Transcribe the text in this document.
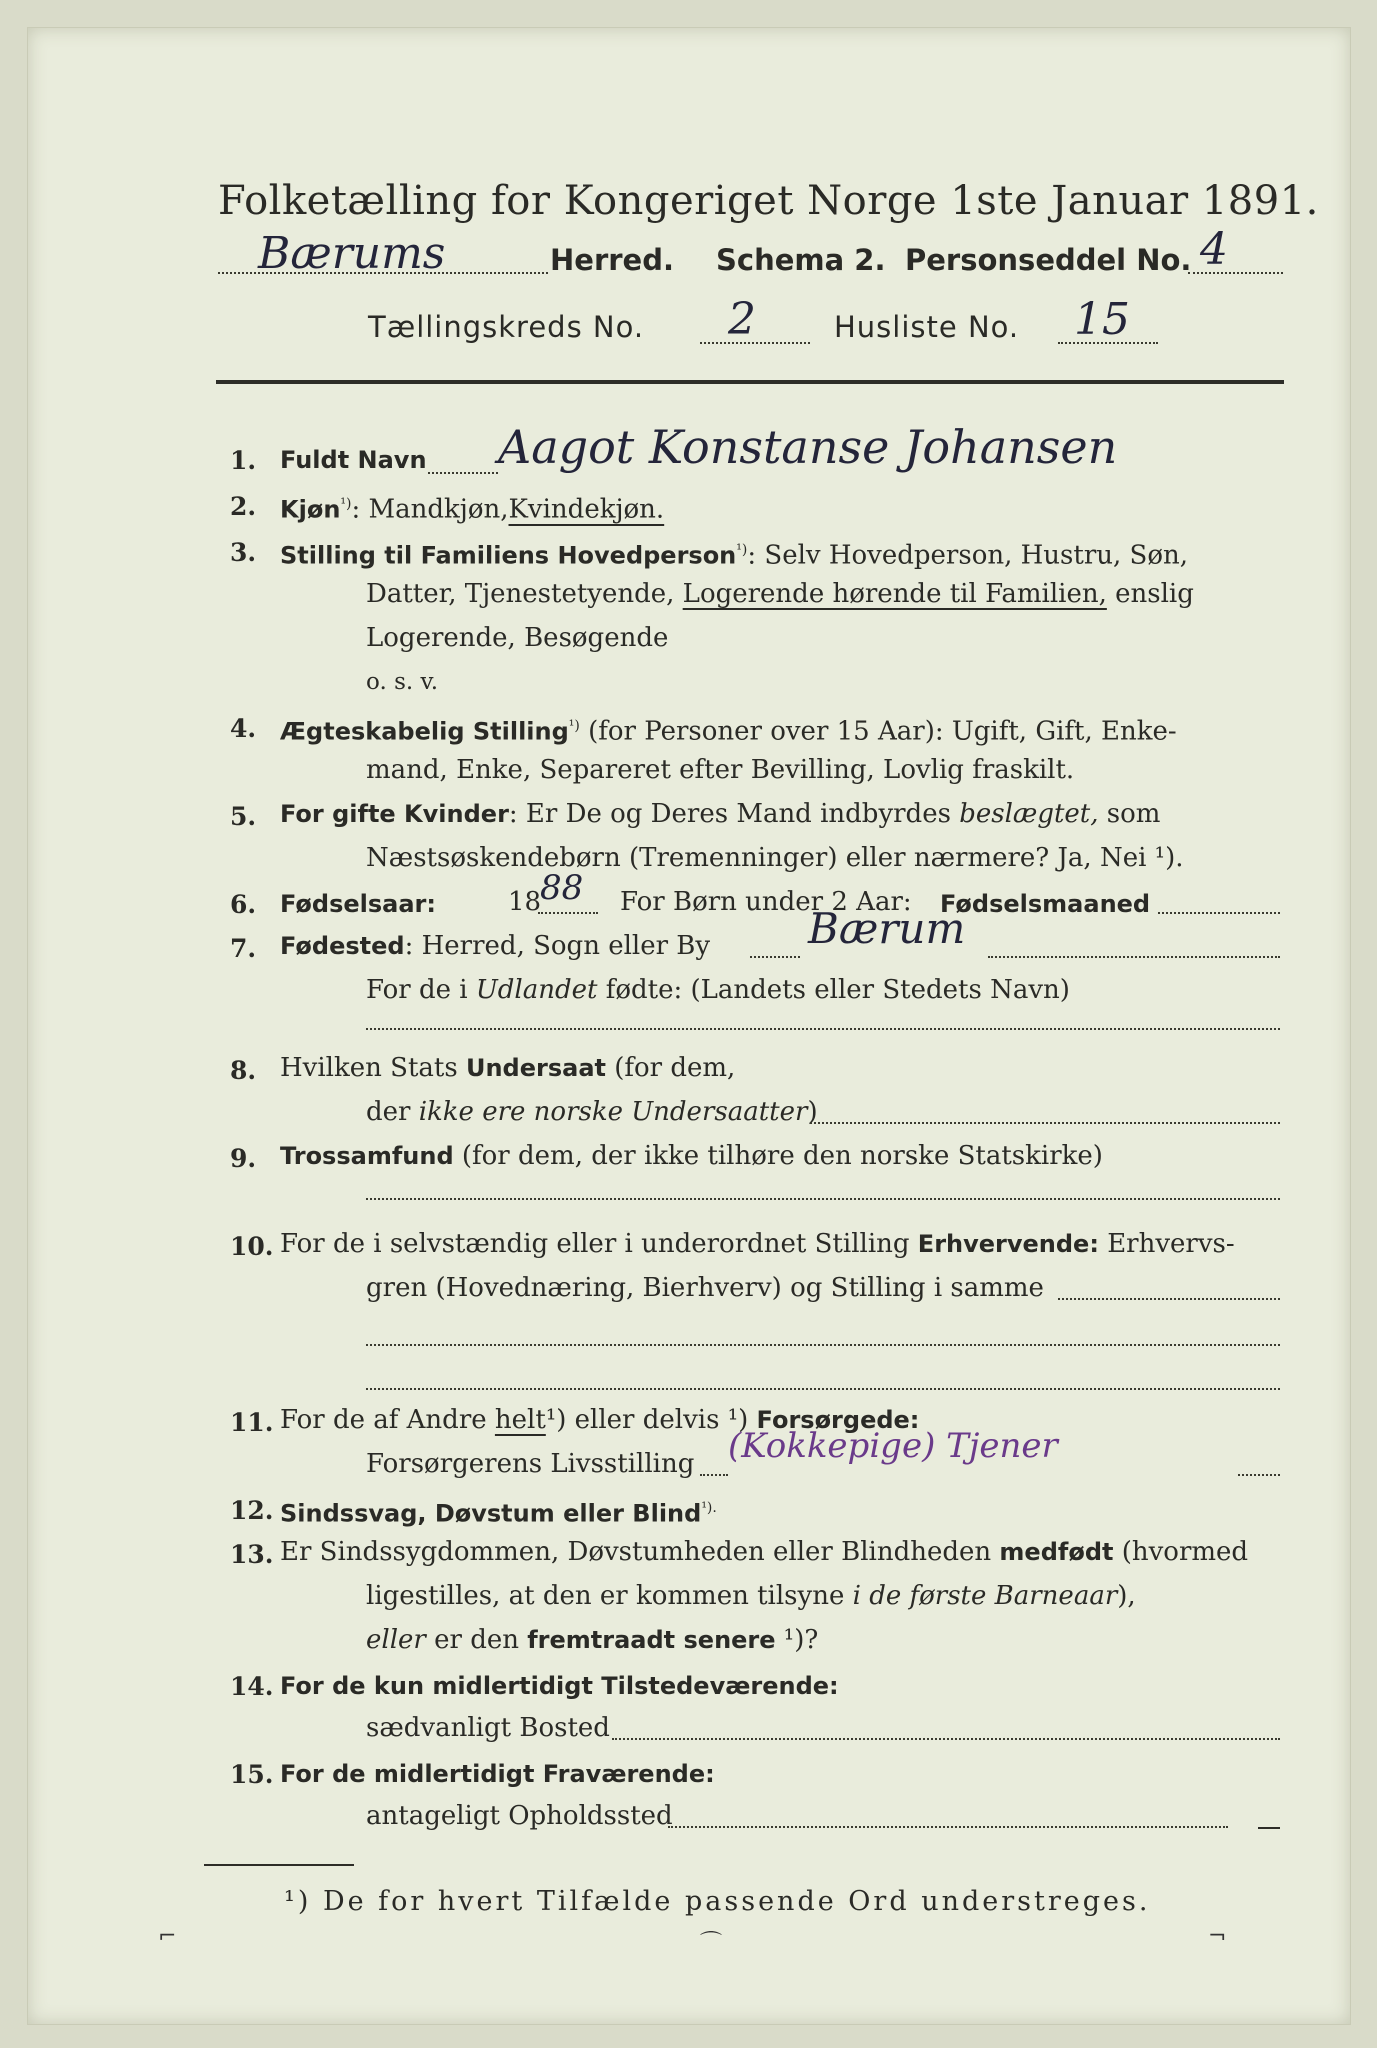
Folketælling for Kongeriget Norge 1ste Januar 1891.
Bærums	Herred. Schema 2. Personseddel No. 4
Tællingskreds No. 2	Husliste No. 15
1. Fuldt Navn Aagot Konstanse Johansen
2. Kjøn$^{^1)}$: Mandkjøn,Kvindekjøn.
3. Stilling til Familiens Hovedperson$^{^1)}$: Selv Hovedperson, Hustru, Søn,
Datter, Tjenestetyende, Logerende hørende til Familien, enslig
Logerende, Besøgende
o. s. v.
4. Ægteskabelig Stilling$^{^1)}$ (for Personer over 15 Aar): Ugift, Gift, Enke-
mand, Enke, Separeret efter Bevilling, Lovlig fraskilt.
5. For gifte Kvinder: Er De og Deres Mand indbyrdes beslægtet, som
Næstsøskendebørn (Tremenninger) eller nærmere? Ja, Nei ¹).
6. Fødselsaar:	18
88 For Børn under 2 Aar: Fødselsmaaned
7. Fødested: Herred, Sogn eller By Bærum
For de i Udlandet fødte: (Landets eller Stedets Navn)
8. Hvilken Stats Undersaat (for dem,
der ikke ere norske Undersaatter)
9. Trossamfund (for dem, der ikke tilhøre den norske Statskirke)
10. For de i selvstændig eller i underordnet Stilling Erhvervende: Erhvervs-
gren (Hovednæring, Bierhverv) og Stilling i samme
11. For de af Andre helt¹) eller delvis ¹) Forsørgede:
Forsørgerens Livsstilling (Kokkepige) Tjener
12. Sindssvag, Døvstum eller Blind$^{^1).}$
13. Er Sindssygdommen, Døvstumheden eller Blindheden medfødt (hvormed
ligestilles, at den er kommen tilsyne i de første Barneaar),
eller er den fremtraadt senere ¹)?
14. For de kun midlertidigt Tilstedeværende:
sædvanligt Bosted
15. For de midlertidigt Fraværende:
antageligt Opholdssted
¹) De for hvert Tilfælde passende Ord understreges.
⌐	⌒	¬
